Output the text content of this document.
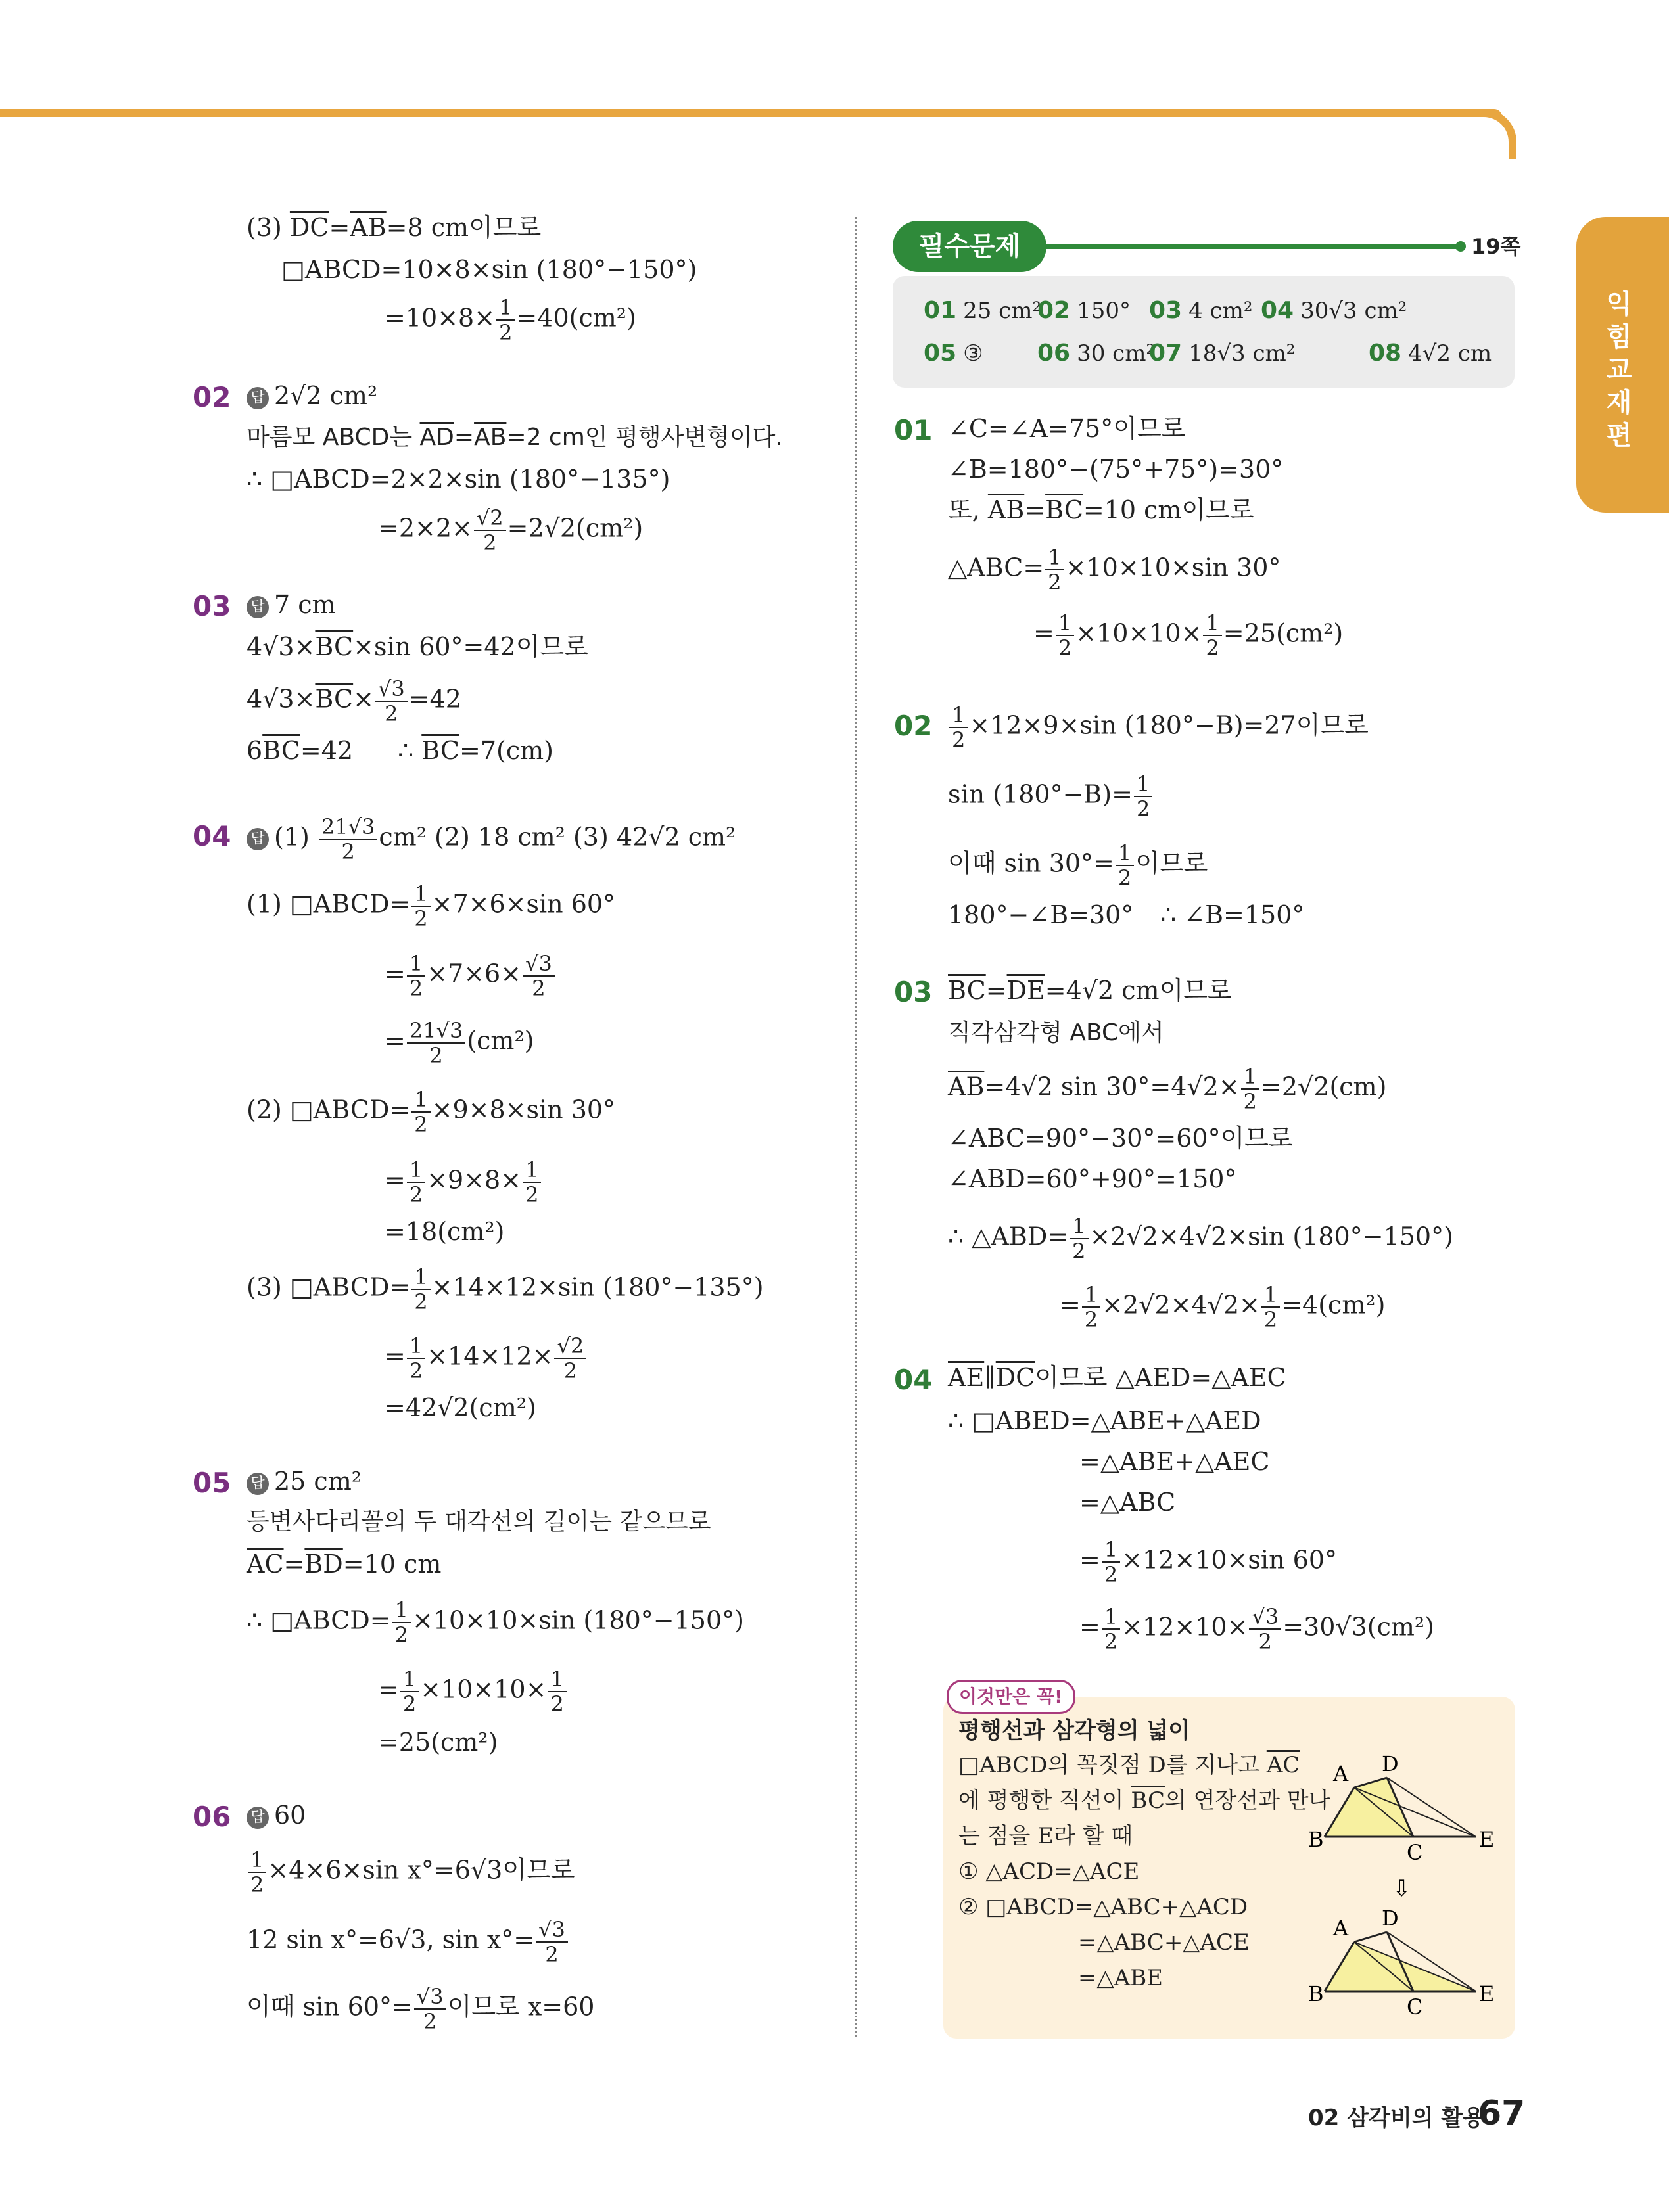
익힘교재편
(3) $\overline{DC}=\overline{AB}=8$ cm이므로
□ABCD=10×8×sin (180°−150°)
$=10\times 8\times \frac{1}{2} =40(cm^2)$
02 답 2√2 cm²
마름모 ABCD는 $\overline{AD}=\overline{AB}=2$ cm인 평행사변형이다.
∴ □ABCD=2×2×sin (180°−135°)
$=2\times 2\times \frac{√2}{2} =2√2(cm^2)$
03 답 7 cm
$4√3\times\overline{BC}\times\sin$ 60°=42이므로
$4√3\times\overline{BC}\times \frac{√3}{2} =42$
$6\overline{BC}=42$ ∴ $\overline{BC}=7(cm)$
04 답 $(1) \frac{21√3}{2} cm^2$ (2) 18 cm² (3) 42√2 cm²
(1) □ABCD= $\frac{1}{2} \times 7\times 6\times\sin$ 60°
= $\frac{1}{2} \times 7\times 6\times \frac{√3}{2}$
= $\frac{21√3}{2} (cm^2)$
(2) □ABCD= $\frac{1}{2} \times 9\times 8\times\sin$ 30°
= $\frac{1}{2} \times 9\times 8\times \frac{1}{2}$
=18(cm²)
(3) □ABCD= $\frac{1}{2} \times 14\times 12\times\sin$ (180°−135°)
= $\frac{1}{2} \times 14\times 12\times \frac{√2}{2}$
=42√2(cm²)
05 답 25 cm²
등변사다리꼴의 두 대각선의 길이는 같으므로
$\overline{AC}=\overline{BD}=10$ cm
∴ □ABCD= $\frac{1}{2} \times 10\times 10\times\sin$ (180°−150°)
= $\frac{1}{2} \times 10\times 10\times \frac{1}{2}$
=25(cm²)
06 답 60
$\frac{1}{2} \times 4\times 6\times\sin$ x°=6√3이므로
12 sin x°=6√3, $\sin x^\circ= \frac{√3}{2}$
이때 $\sin 60^\circ= \frac{√3}{2}$ 이므로 x=60
필수문제	19쪽
01 25 cm²
02 150° 03 4 cm² 04 30√3 cm²
05 ③ 06 30 cm²
07 18√3 cm²	08 4√2 cm
01 ∠C=∠A=75°이므로
∠B=180°−(75°+75°)=30°
또, $\overline{AB}=\overline{BC}=10$ cm이므로
△ABC= $\frac{1}{2} \times 10\times 10\times\sin$ 30°
= $\frac{1}{2} \times 10\times 10\times \frac{1}{2} =25(cm^2)$
$02 \frac{1}{2} \times 12\times 9\times\sin$ (180°−B)=27이므로
$\sin (180^\circ-B)= \frac{1}{2}$
이때 $\sin 30^\circ= \frac{1}{2}$ 이므로
180°−∠B=30° ∴ ∠B=150°
03 $\overline{BC}=\overline{DE}=4√2$ cm이므로
직각삼각형 ABC에서
$\overline{AB}=4√2$ $\sin 30^\circ=4√2\times \frac{1}{2} =2√2(cm)$
∠ABC=90°−30°=60°이므로
∠ABD=60°+90°=150°
∴ △ABD= $\frac{1}{2} \times 2√2\times 4√2\times\sin$ (180°−150°)
= $\frac{1}{2} \times 2√2\times 4√2\times \frac{1}{2} =4(cm^2)$
04 $\overline{AE}\parallel\overline{DC}$이므로 △AED=△AEC
∴ □ABED=△ABE+△AED
=△ABE+△AEC
=△ABC
= $\frac{1}{2} \times 12\times 10\times\sin$ 60°
= $\frac{1}{2} \times 12\times 10\times \frac{√3}{2} =30√3(cm^2)$
이것만은 꼭!
평행선과 삼각형의 넓이
□ABCD의 꼭짓점 D를 지나고 $\overline{AC}$
에 평행한 직선이 $\overline{BC}$의 연장선과 만나
는 점을 E라 할 때
① △ACD=△ACE
② □ABCD=△ABC+△ACD
=△ABC+△ACE
=△ABE
A D
B
C
E
⇩
A D
B
C
E
02 삼각비의 활용
67
